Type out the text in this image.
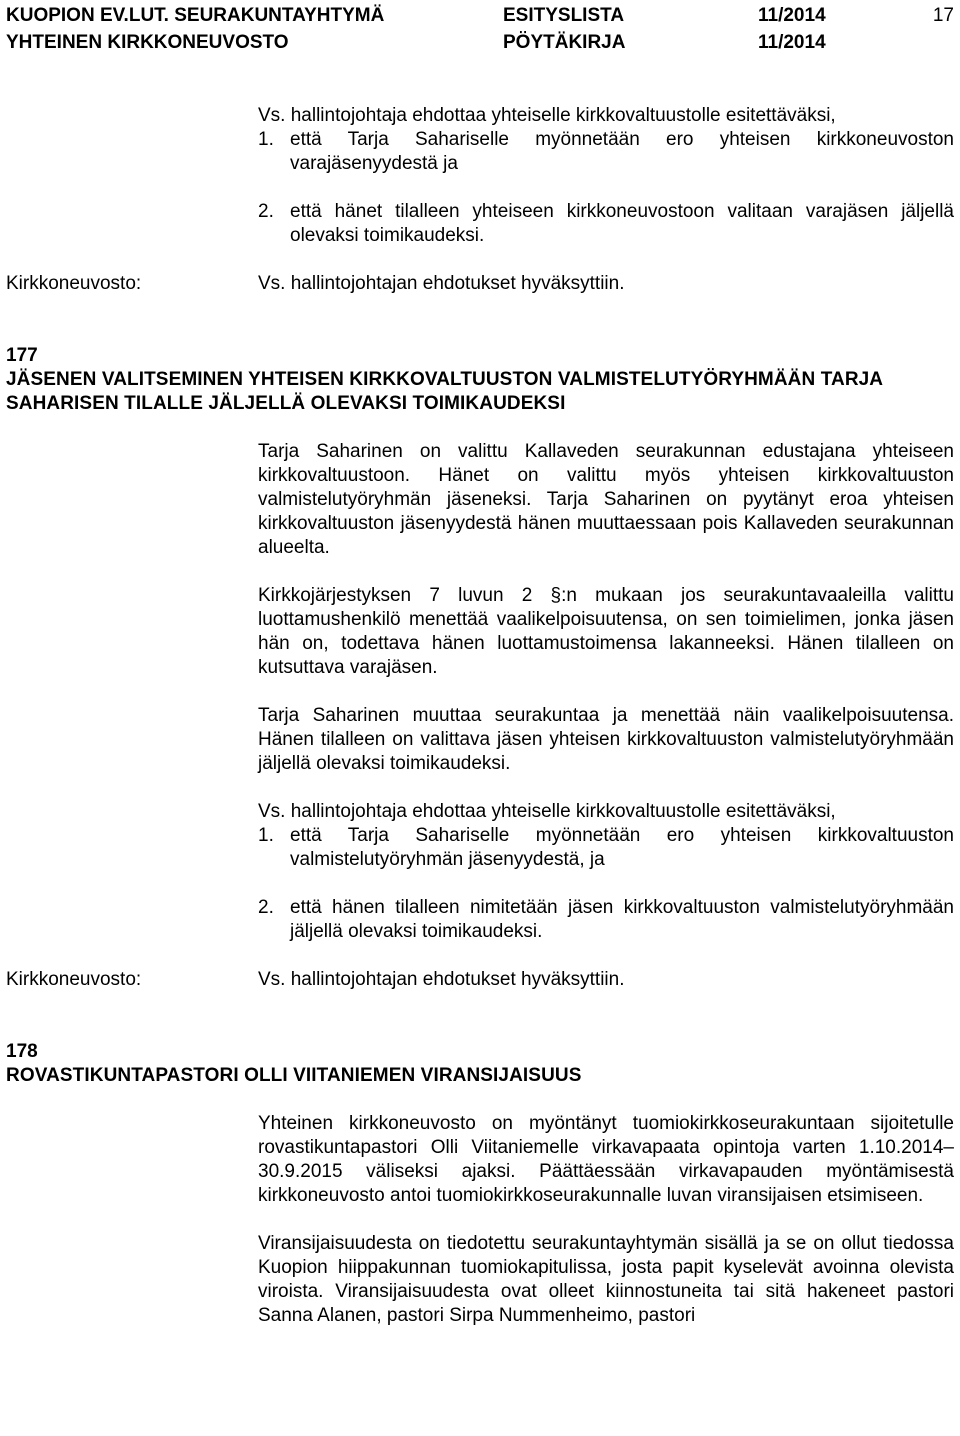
KUOPION EV.LUT. SEURAKUNTAYHTYMÄ	ESITYSLISTA	11/2014	17
YHTEINEN KIRKKONEUVOSTO	PÖYTÄKIRJA	11/2014

Vs. hallintojohtaja ehdottaa yhteiselle kirkkovaltuustolle esitettäväksi,

1. että Tarja Sahariselle myönnetään ero yhteisen kirkkoneuvoston varajäsenyydestä ja
2. että hänet tilalleen yhteiseen kirkkoneuvostoon valitaan varajäsen jäljellä olevaksi toimikaudeksi.
Kirkkoneuvosto:	Vs. hallintojohtajan ehdotukset hyväksyttiin.
177
JÄSENEN VALITSEMINEN YHTEISEN KIRKKOVALTUUSTON VALMISTELUTYÖRYHMÄÄN TARJA SAHARISEN TILALLE JÄLJELLÄ OLEVAKSI TOIMIKAUDEKSI

Tarja Saharinen on valittu Kallaveden seurakunnan edustajana yhteiseen kirkkovaltuustoon. Hänet on valittu myös yhteisen kirkkovaltuuston valmistelutyöryhmän jäseneksi. Tarja Saharinen on pyytänyt eroa yhteisen kirkkovaltuuston jäsenyydestä hänen muuttaessaan pois Kallaveden seurakunnan alueelta.

Kirkkojärjestyksen 7 luvun 2 §:n mukaan jos seurakuntavaaleilla valittu luottamushenkilö menettää vaalikelpoisuutensa, on sen toimielimen, jonka jäsen hän on, todettava hänen luottamustoimensa lakanneeksi. Hänen tilalleen on kutsuttava varajäsen.

Tarja Saharinen muuttaa seurakuntaa ja menettää näin vaalikelpoisuutensa. Hänen tilalleen on valittava jäsen yhteisen kirkkovaltuuston valmistelutyöryhmään jäljellä olevaksi toimikaudeksi.

Vs. hallintojohtaja ehdottaa yhteiselle kirkkovaltuustolle esitettäväksi,

1. että Tarja Sahariselle myönnetään ero yhteisen kirkkovaltuuston valmistelutyöryhmän jäsenyydestä, ja
2. että hänen tilalleen nimitetään jäsen kirkkovaltuuston valmistelutyöryhmään jäljellä olevaksi toimikaudeksi.
Kirkkoneuvosto:	Vs. hallintojohtajan ehdotukset hyväksyttiin.
178
ROVASTIKUNTAPASTORI OLLI VIITANIEMEN VIRANSIJAISUUS

Yhteinen kirkkoneuvosto on myöntänyt tuomiokirkkoseurakuntaan sijoitetulle rovastikuntapastori Olli Viitaniemelle virkavapaata opintoja varten 1.10.2014–30.9.2015 väliseksi ajaksi. Päättäessään virkavapauden myöntämisestä kirkkoneuvosto antoi tuomiokirkkoseurakunnalle luvan viransijaisen etsimiseen.

Viransijaisuudesta on tiedotettu seurakuntayhtymän sisällä ja se on ollut tiedossa Kuopion hiippakunnan tuomiokapitulissa, josta papit kyselevät avoinna olevista viroista. Viransijaisuudesta ovat olleet kiinnostuneita tai sitä hakeneet pastori Sanna Alanen, pastori Sirpa Nummenheimo, pastori
